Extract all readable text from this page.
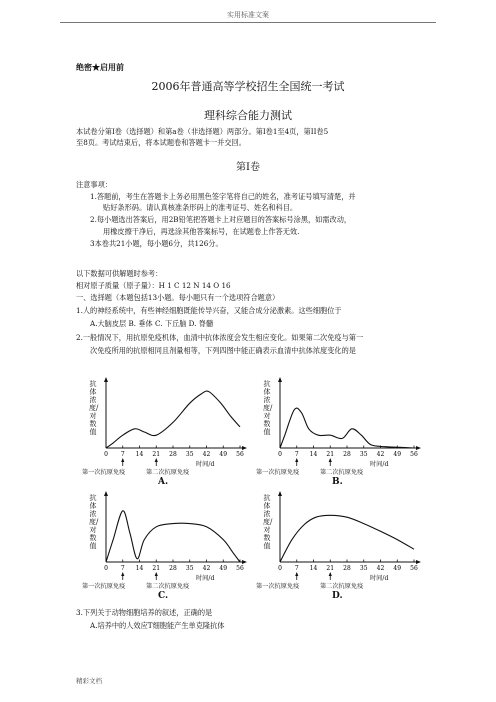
实用标准文案
绝密★启用前
2006年普通高等学校招生全国统一考试
理科综合能力测试
本试卷分第Ⅰ卷（选择题）和第a卷（非选择题）两部分。第Ⅰ卷1至4页，第II卷5
至8页。考试结束后，将本试题卷和答题卡一并交回。
第Ⅰ卷
注意事项：
1.答题前，考生在答题卡上务必用黑色签字笔将自己的姓名，准考证号填写清楚，并
贴好条形码。请认真核准条形码上的准考证号、姓名和科目。
2.每小题选出答案后，用2B铅笔把答题卡上对应题目的答案标号涂黑，如需改动，
用橡皮擦干净后，再选涂其他答案标号，在试题卷上作答无效.
3本卷共21小题，每小题6分，共126分。
以下数据可供解题时参考：
相对原子质量（原子量）：H 1 C 12 N 14 O 16
一、选择题（本题包括13小题。每小题只有一个选项符合题意）
1.人的神经系统中，有些神经细胞既能传导兴奋，又能合成分泌激素。这些细胞位于
A.大脑皮层 B. 垂体 C. 下丘脑 D. 脊髓
2.一般情况下，用抗原免疫机体，血清中抗体浓度会发生相应变化。如果第二次免疫与第一
次免疫所用的抗原相同且剂量相等，下列四图中能正确表示血清中抗体浓度变化的是
0 7 14 21 28 35 42 49 56
抗体浓度/对数值
时间/d
第一次抗原免疫	第二次抗原免疫
A.
0 7 14 21 28 35 42 49 56
抗体浓度/对数值
时间/d
第一次抗原免疫	第二次抗原免疫
B.
0 7 14 21 28 35 42 49 56
抗体浓度/对数值
时间/d
第一次抗原免疫	第二次抗原免疫
C.
0 7 14 21 28 35 42 49 56
抗体浓度/对数值
时间/d
第一次抗原免疫	第二次抗原免疫
D.
3.下列关于动物细胞培养的叙述，正确的是
A.培养中的人效应T细胞能产生单克隆抗体
精彩文档
